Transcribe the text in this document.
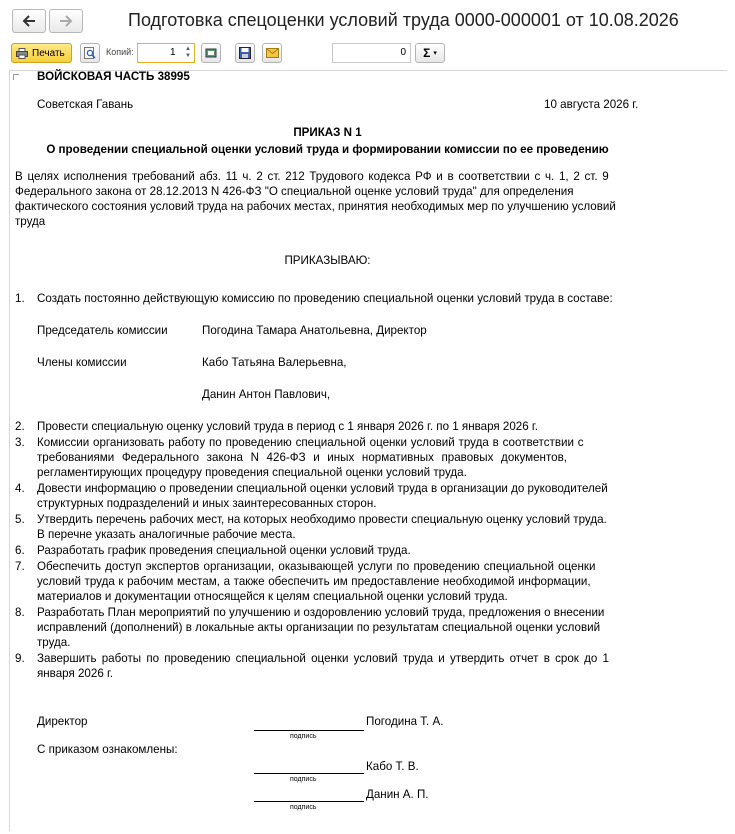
Подготовка спецоценки условий труда 0000-000001 от 10.08.2026
Печать	Копий:	1 ▲
▼	0	Σ ▾
ВОЙСКОВАЯ ЧАСТЬ 38995
Советская Гавань	10 августа 2026 г.
ПРИКАЗ N 1
О проведении специальной оценки условий труда и формировании комиссии по ее проведению
В целях исполнения требований абз. 11 ч. 2 ст. 212 Трудового кодекса РФ и в соответствии с ч. 1, 2 ст. 9
Федерального закона от 28.12.2013 N 426-ФЗ "О специальной оценке условий труда" для определения
фактического состояния условий труда на рабочих местах, принятия необходимых мер по улучшению условий
труда
ПРИКАЗЫВАЮ:
1. Создать постоянно действующую комиссию по проведению специальной оценки условий труда в составе:
Председатель комиссии	Погодина Тамара Анатольевна, Директор
Члены комиссии	Кабо Татьяна Валерьевна,
Данин Антон Павлович,
2. Провести специальную оценку условий труда в период с 1 января 2026 г. по 1 января 2026 г.
3. Комиссии организовать работу по проведению специальной оценки условий труда в соответствии с
требованиями Федерального закона N 426-ФЗ и иных нормативных правовых документов,
регламентирующих процедуру проведения специальной оценки условий труда.
4. Довести информацию о проведении специальной оценки условий труда в организации до руководителей
структурных подразделений и иных заинтересованных сторон.
5. Утвердить перечень рабочих мест, на которых необходимо провести специальную оценку условий труда.
В перечне указать аналогичные рабочие места.
6. Разработать график проведения специальной оценки условий труда.
7. Обеспечить доступ экспертов организации, оказывающей услуги по проведению специальной оценки
условий труда к рабочим местам, а также обеспечить им предоставление необходимой информации,
материалов и документации относящейся к целям специальной оценки условий труда.
8. Разработать План мероприятий по улучшению и оздоровлению условий труда, предложения о внесении
исправлений (дополнений) в локальные акты организации по результатам специальной оценки условий
труда.
9. Завершить работы по проведению специальной оценки условий труда и утвердить отчет в срок до 1
января 2026 г.
Директор
подпись
Погодина Т. А.
С приказом ознакомлены:
подпись
Кабо Т. В.
подпись
Данин А. П.
